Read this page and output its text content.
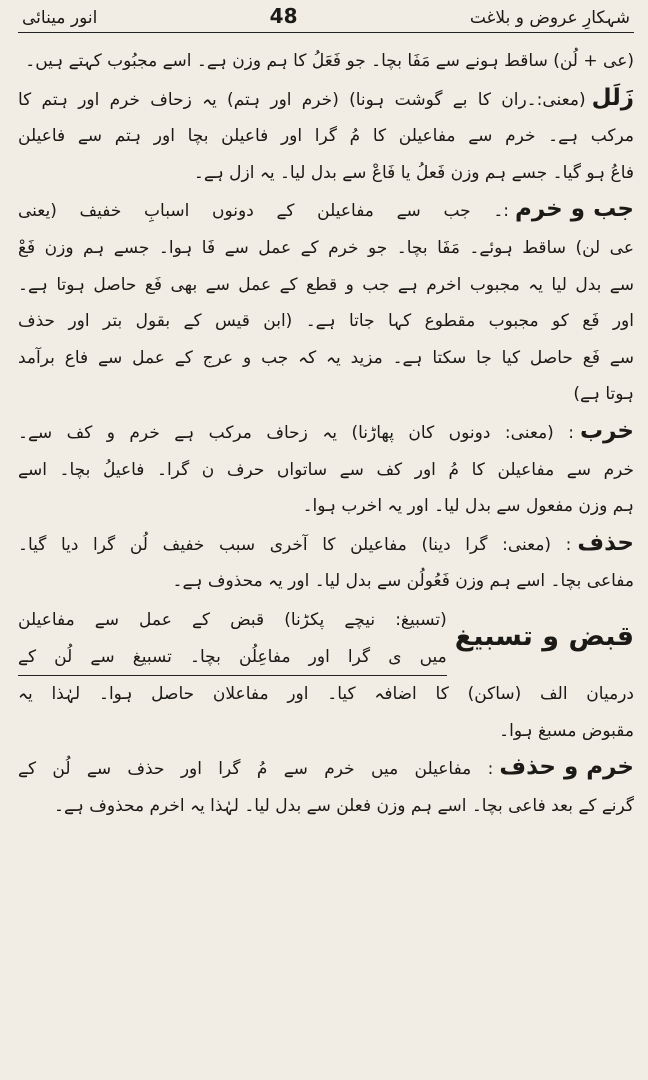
شہکارِ عروض و بلاغت
48
انور مینائی
(عی + لُن) ساقط ہونے سے مَفَا بچا۔ جو فَعَلُ کا ہم وزن ہے۔ اسے مجبُوب کہتے ہیں۔
زَلَل(معنی:۔ران کا بے گوشت ہونا) (خرم اور ہتم) یہ زحاف خرم اور ہتم کا
مرکب ہے۔ خرم سے مفاعیلن کا مُ گرا اور فاعیلن بچا اور ہتم سے فاعیلن
فاعُ ہو گیا۔ جسے ہم وزن فَعلُ یا فَاعْ سے بدل لیا۔ یہ ازل ہے۔
جب و خرم:۔ جب سے مفاعیلن کے دونوں اسبابِ خفیف (یعنی
عی لن) ساقط ہوئے۔ مَفَا بچا۔ جو خرم کے عمل سے فَا ہوا۔ جسے ہم وزن فَعْ
سے بدل لیا یہ مجبوب اخرم ہے جب و قطع کے عمل سے بھی فَع حاصل ہوتا ہے۔
اور فَع کو مجبوب مقطوع کہا جاتا ہے۔ (ابن قیس کے بقول بتر اور حذف
سے فَع حاصل کیا جا سکتا ہے۔ مزید یہ کہ جب و عرج کے عمل سے فاع برآمد
ہوتا ہے)
خرب: (معنی: دونوں کان پھاڑنا) یہ زحاف مرکب ہے خرم و کف سے۔
خرم سے مفاعیلن کا مُ اور کف سے ساتواں حرف ن گرا۔ فاعیلُ بچا۔ اسے
ہم وزن مفعول سے بدل لیا۔ اور یہ اخرب ہوا۔
حذف: (معنی: گرا دینا) مفاعیلن کا آخری سبب خفیف لُن گرا دیا گیا۔
مفاعی بچا۔ اسے ہم وزن فَعُولُن سے بدل لیا۔ اور یہ محذوف ہے۔
قبض و تسبیغ
(تسبیغ: نیچے پکڑنا) قبض کے عمل سے مفاعیلن
میں ی گرا اور مفاعِلُن بچا۔ تسبیغ سے لُن کے
درمیان الف (ساکن) کا اضافہ کیا۔ اور مفاعلان حاصل ہوا۔ لہٰذا یہ
مقبوض مسبغ ہوا۔
خرم و حذف: مفاعیلن میں خرم سے مُ گرا اور حذف سے لُن کے
گرنے کے بعد فاعی بچا۔ اسے ہم وزن فعلن سے بدل لیا۔ لہٰذا یہ اخرم محذوف ہے۔
